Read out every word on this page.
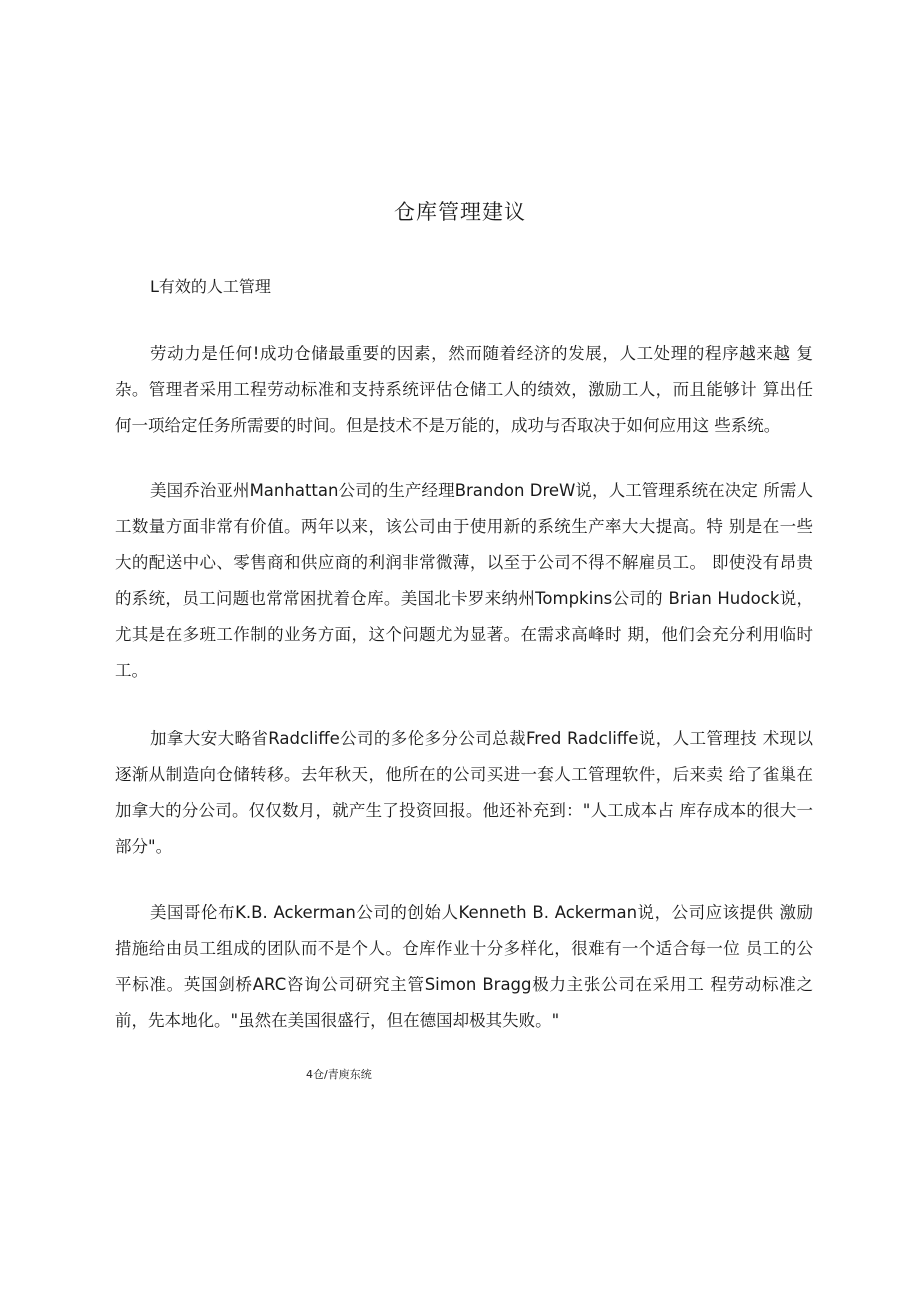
仓库管理建议
L有效的人工管理

劳动力是任何!成功仓储最重要的因素，然而随着经济的发展，人工处理的程序越来越 复杂。管理者采用工程劳动标准和支持系统评估仓储工人的绩效，激励工人，而且能够计 算出任何一项给定任务所需要的时间。但是技术不是万能的，成功与否取决于如何应用这 些系统。

美国乔治亚州Manhattan公司的生产经理Brandon DreW说，人工管理系统在决定 所需人工数量方面非常有价值。两年以来，该公司由于使用新的系统生产率大大提高。特 别是在一些大的配送中心、零售商和供应商的利润非常微薄，以至于公司不得不解雇员工。 即使没有昂贵的系统，员工问题也常常困扰着仓库。美国北卡罗来纳州Tompkins公司的 Brian Hudock说，尤其是在多班工作制的业务方面，这个问题尤为显著。在需求高峰时 期，他们会充分利用临时工。

加拿大安大略省Radcliffe公司的多伦多分公司总裁Fred Radcliffe说，人工管理技 术现以逐渐从制造向仓储转移。去年秋天，他所在的公司买进一套人工管理软件，后来卖 给了雀巢在加拿大的分公司。仅仅数月，就产生了投资回报。他还补充到："人工成本占 库存成本的很大一部分"。

美国哥伦布K.B. Ackerman公司的创始人Kenneth B. Ackerman说，公司应该提供 激励措施给由员工组成的团队而不是个人。仓库作业十分多样化，很难有一个适合每一位 员工的公平标准。英国剑桥ARC咨询公司研究主管Simon Bragg极力主张公司在采用工 程劳动标准之前，先本地化。"虽然在美国很盛行，但在德国却极其失败。"

4仓/青庾东统
